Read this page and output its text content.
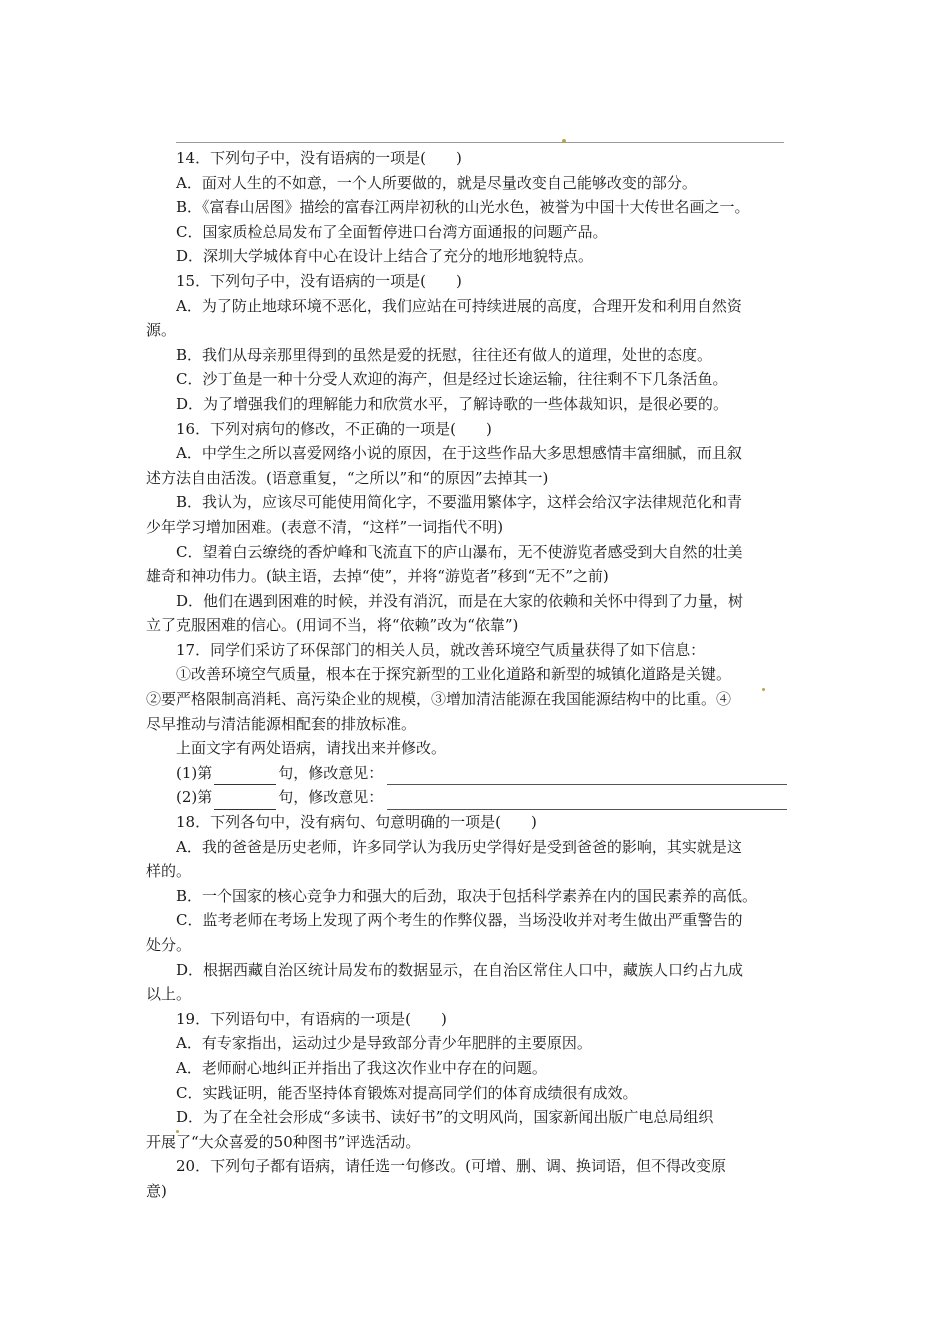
14．下列句子中，没有语病的一项是(　　)

A．面对人生的不如意，一个人所要做的，就是尽量改变自己能够改变的部分。

B．《富春山居图》描绘的富春江两岸初秋的山光水色，被誉为中国十大传世名画之一。

C．国家质检总局发布了全面暂停进口台湾方面通报的问题产品。

D．深圳大学城体育中心在设计上结合了充分的地形地貌特点。

15．下列句子中，没有语病的一项是(　　)

A．为了防止地球环境不恶化，我们应站在可持续进展的高度，合理开发和利用自然资

源。

B．我们从母亲那里得到的虽然是爱的抚慰，往往还有做人的道理，处世的态度。

C．沙丁鱼是一种十分受人欢迎的海产，但是经过长途运输，往往剩不下几条活鱼。

D．为了增强我们的理解能力和欣赏水平，了解诗歌的一些体裁知识，是很必要的。

16．下列对病句的修改，不正确的一项是(　　)

A．中学生之所以喜爱网络小说的原因，在于这些作品大多思想感情丰富细腻，而且叙

述方法自由活泼。(语意重复，“之所以”和“的原因”去掉其一)

B．我认为，应该尽可能使用简化字，不要滥用繁体字，这样会给汉字法律规范化和青

少年学习增加困难。(表意不清，“这样”一词指代不明)

C．望着白云缭绕的香炉峰和飞流直下的庐山瀑布，无不使游览者感受到大自然的壮美

雄奇和神功伟力。(缺主语，去掉“使”，并将“游览者”移到“无不”之前)

D．他们在遇到困难的时候，并没有消沉，而是在大家的依赖和关怀中得到了力量，树

立了克服困难的信心。(用词不当，将“依赖”改为“依靠”)

17．同学们采访了环保部门的相关人员，就改善环境空气质量获得了如下信息：

①改善环境空气质量，根本在于探究新型的工业化道路和新型的城镇化道路是关键。

②要严格限制高消耗、高污染企业的规模，③增加清洁能源在我国能源结构中的比重。④

尽早推动与清洁能源相配套的排放标准。

上面文字有两处语病，请找出来并修改。

(1)第	句，修改意见：
(2)第	句，修改意见：

18．下列各句中，没有病句、句意明确的一项是(　　)

A．我的爸爸是历史老师，许多同学认为我历史学得好是受到爸爸的影响，其实就是这

样的。

B．一个国家的核心竞争力和强大的后劲，取决于包括科学素养在内的国民素养的高低。

C．监考老师在考场上发现了两个考生的作弊仪器，当场没收并对考生做出严重警告的

处分。

D．根据西藏自治区统计局发布的数据显示，在自治区常住人口中，藏族人口约占九成

以上。

19．下列语句中，有语病的一项是(　　)

A．有专家指出，运动过少是导致部分青少年肥胖的主要原因。

A．老师耐心地纠正并指出了我这次作业中存在的问题。

C．实践证明，能否坚持体育锻炼对提高同学们的体育成绩很有成效。

D．为了在全社会形成“多读书、读好书”的文明风尚，国家新闻出版广电总局组织

开展了“大众喜爱的50种图书”评选活动。

20．下列句子都有语病，请任选一句修改。(可增、删、调、换词语，但不得改变原

意)
